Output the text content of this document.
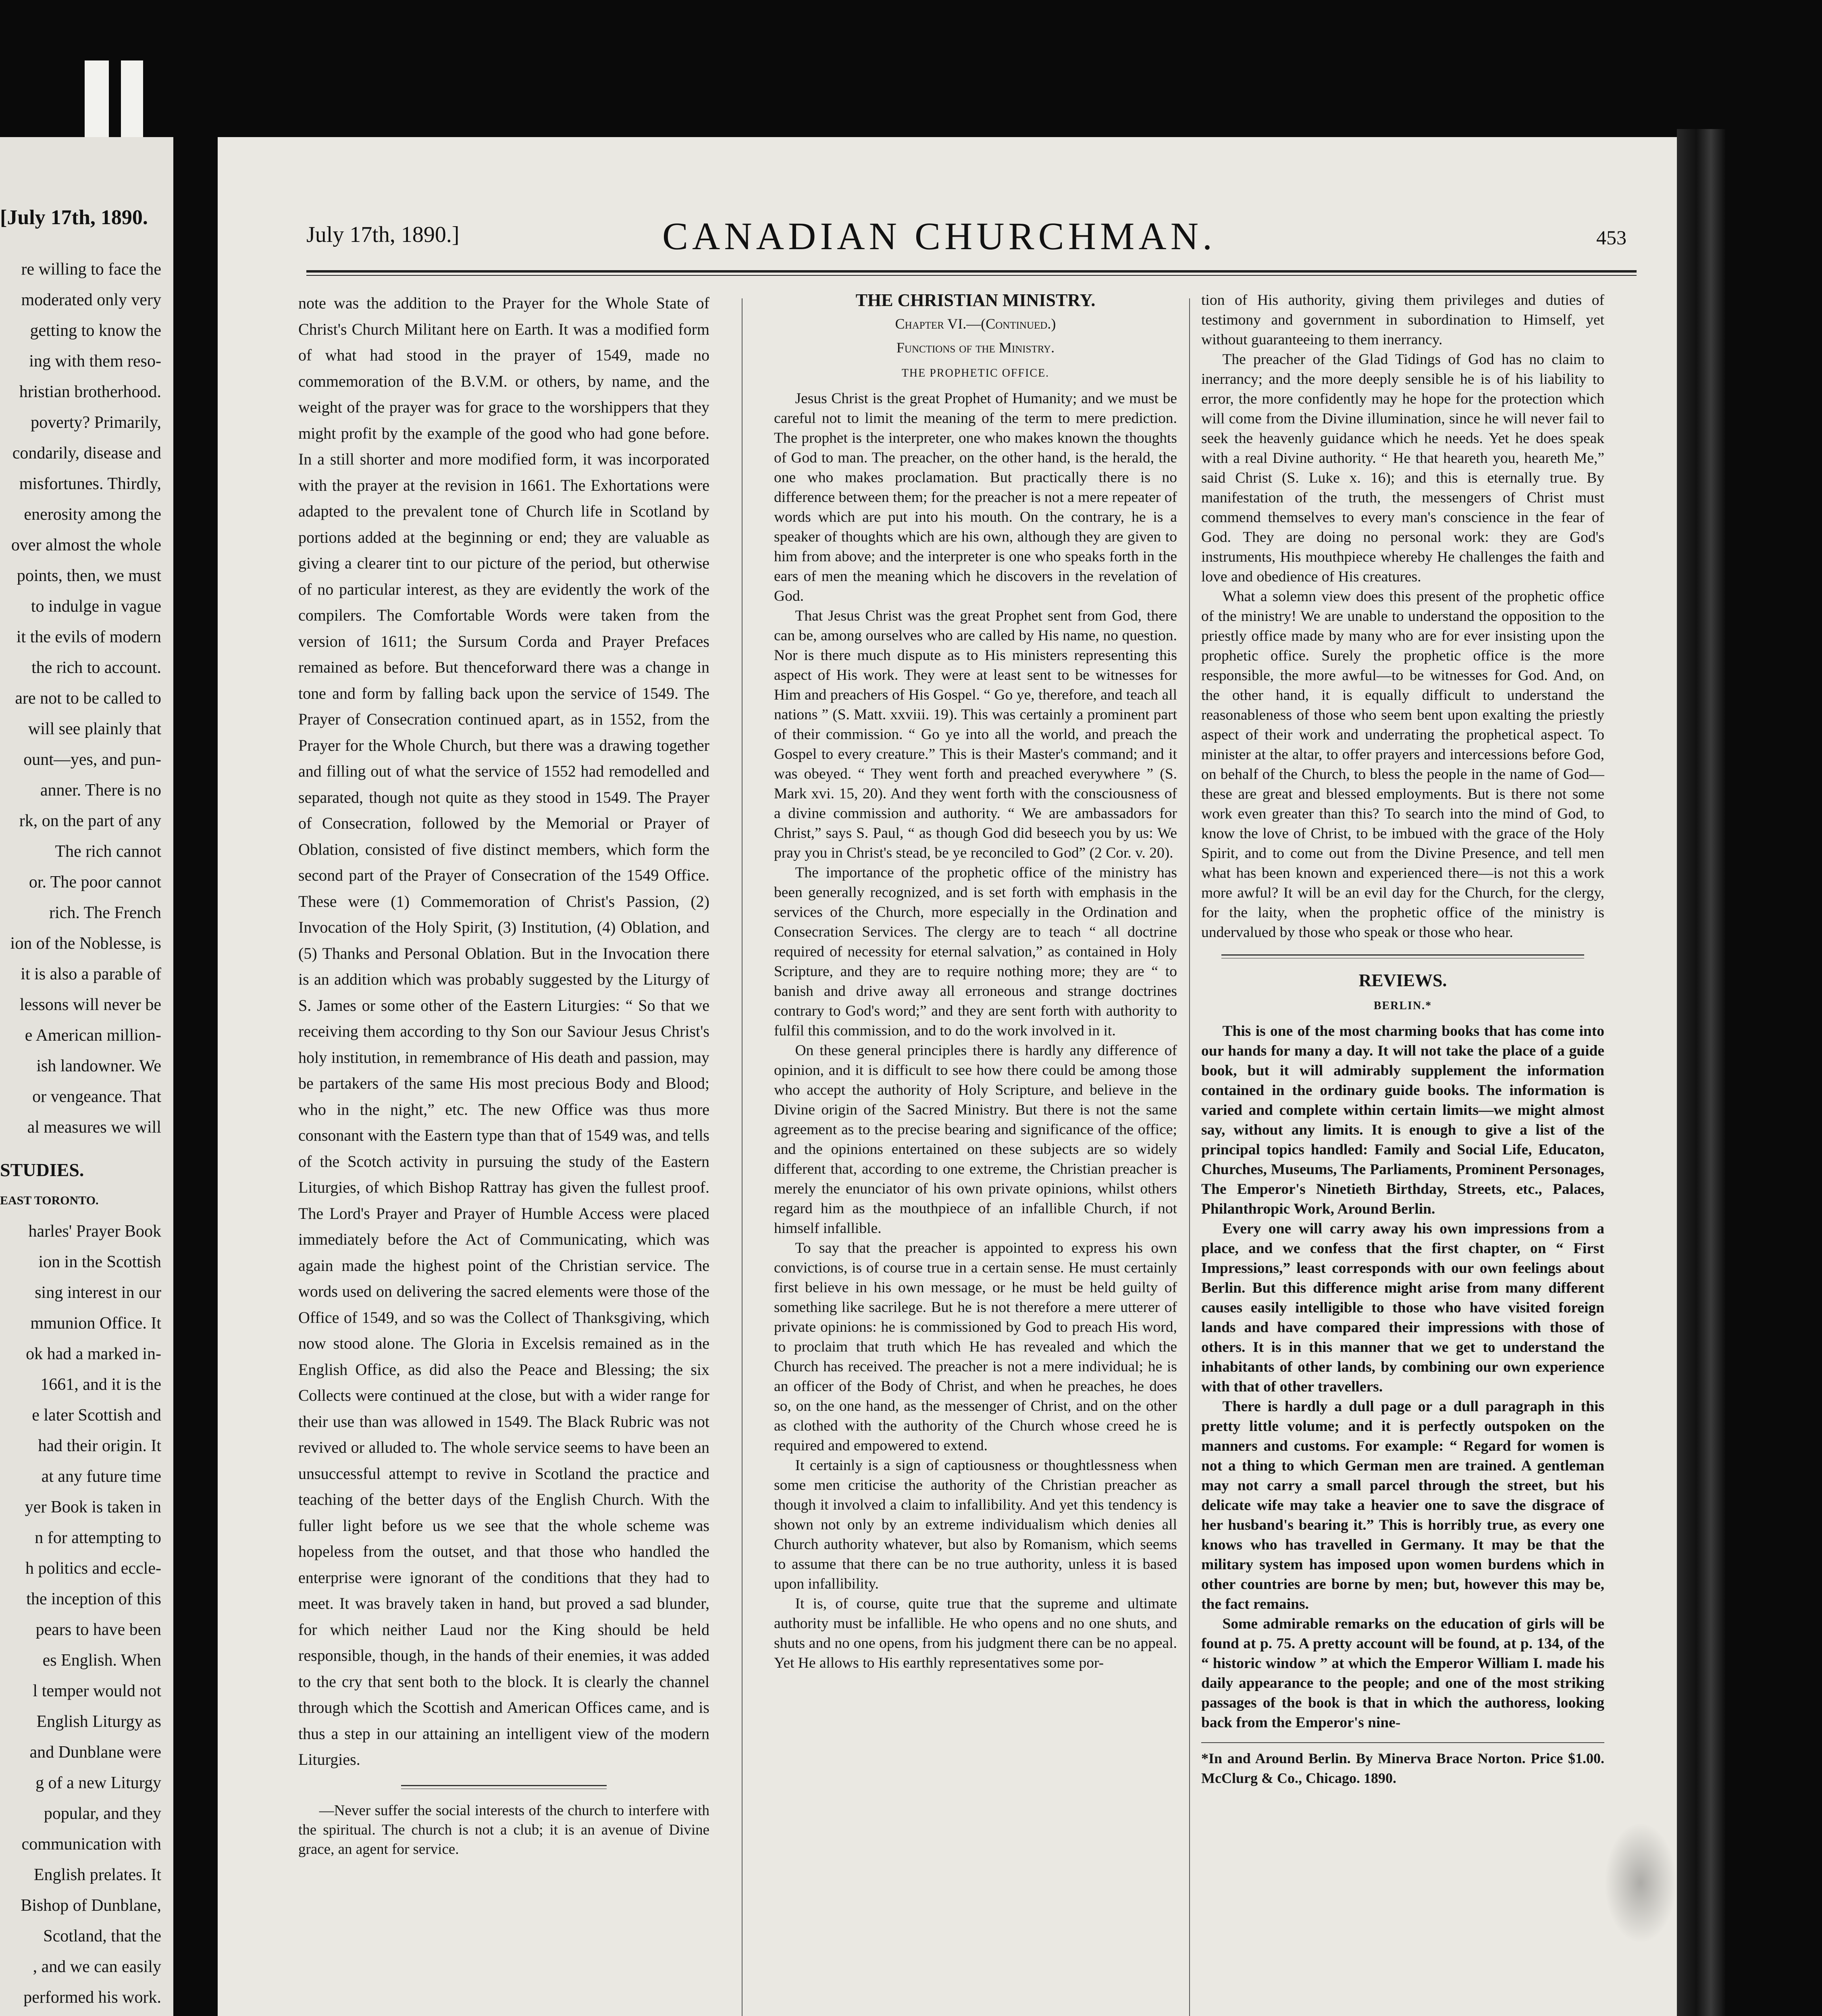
[July 17th, 1890.
re willing to face the
moderated only very
getting to know the
ing with them reso-
hristian brotherhood.
poverty? Primarily,
condarily, disease and
misfortunes. Thirdly,
enerosity among the
over almost the whole
points, then, we must
to indulge in vague
it the evils of modern
the rich to account.
are not to be called to
will see plainly that
ount—yes, and pun-
anner. There is no
rk, on the part of any
The rich cannot
or. The poor cannot
rich. The French
ion of the Noblesse, is
it is also a parable of
lessons will never be
e American million-
ish landowner. We
or vengeance. That
al measures we will
STUDIES.
EAST TORONTO.
harles' Prayer Book
ion in the Scottish
sing interest in our
mmunion Office. It
ok had a marked in-
1661, and it is the
e later Scottish and
had their origin. It
at any future time
yer Book is taken in
n for attempting to
h politics and eccle-
the inception of this
pears to have been
es English. When
l temper would not
English Liturgy as
and Dunblane were
g of a new Liturgy
popular, and they
communication with
English prelates. It
Bishop of Dunblane,
Scotland, that the
, and we can easily
performed his work.
July 17th, 1890.]	CANADIAN CHURCHMAN.	453

note was the addition to the Prayer for the Whole State of Christ's Church Militant here on Earth. It was a modified form of what had stood in the prayer of 1549, made no commemoration of the B.V.M. or others, by name, and the weight of the prayer was for grace to the worshippers that they might profit by the example of the good who had gone before. In a still shorter and more modified form, it was incorporated with the prayer at the revision in 1661. The Exhortations were adapted to the prevalent tone of Church life in Scotland by portions added at the beginning or end; they are valuable as giving a clearer tint to our picture of the period, but otherwise of no particular interest, as they are evidently the work of the compilers. The Comfortable Words were taken from the version of 1611; the Sursum Corda and Prayer Prefaces remained as before. But thenceforward there was a change in tone and form by falling back upon the service of 1549. The Prayer of Consecration continued apart, as in 1552, from the Prayer for the Whole Church, but there was a drawing together and filling out of what the service of 1552 had remodelled and separated, though not quite as they stood in 1549. The Prayer of Consecration, followed by the Memorial or Prayer of Oblation, consisted of five distinct members, which form the second part of the Prayer of Consecration of the 1549 Office. These were (1) Commemoration of Christ's Passion, (2) Invocation of the Holy Spirit, (3) Institution, (4) Oblation, and (5) Thanks and Personal Oblation. But in the Invocation there is an addition which was probably suggested by the Liturgy of S. James or some other of the Eastern Liturgies: “ So that we receiving them according to thy Son our Saviour Jesus Christ's holy institution, in remembrance of His death and passion, may be partakers of the same His most precious Body and Blood; who in the night,” etc. The new Office was thus more consonant with the Eastern type than that of 1549 was, and tells of the Scotch activity in pursuing the study of the Eastern Liturgies, of which Bishop Rattray has given the fullest proof. The Lord's Prayer and Prayer of Humble Access were placed immediately before the Act of Communicating, which was again made the highest point of the Christian service. The words used on delivering the sacred elements were those of the Office of 1549, and so was the Collect of Thanksgiving, which now stood alone. The Gloria in Excelsis remained as in the English Office, as did also the Peace and Blessing; the six Collects were continued at the close, but with a wider range for their use than was allowed in 1549. The Black Rubric was not revived or alluded to. The whole service seems to have been an unsuccessful attempt to revive in Scotland the practice and teaching of the better days of the English Church. With the fuller light before us we see that the whole scheme was hopeless from the outset, and that those who handled the enterprise were ignorant of the conditions that they had to meet. It was bravely taken in hand, but proved a sad blunder, for which neither Laud nor the King should be held responsible, though, in the hands of their enemies, it was added to the cry that sent both to the block. It is clearly the channel through which the Scottish and American Offices came, and is thus a step in our attaining an intelligent view of the modern Liturgies.

—Never suffer the social interests of the church to interfere with the spiritual. The church is not a club; it is an avenue of Divine grace, an agent for service.

THE CHRISTIAN MINISTRY.
Chapter VI.—(Continued.)
Functions of the Ministry.
THE PROPHETIC OFFICE.

Jesus Christ is the great Prophet of Humanity; and we must be careful not to limit the meaning of the term to mere prediction. The prophet is the interpreter, one who makes known the thoughts of God to man. The preacher, on the other hand, is the herald, the one who makes proclamation. But practically there is no difference between them; for the preacher is not a mere repeater of words which are put into his mouth. On the contrary, he is a speaker of thoughts which are his own, although they are given to him from above; and the interpreter is one who speaks forth in the ears of men the meaning which he discovers in the revelation of God.

That Jesus Christ was the great Prophet sent from God, there can be, among ourselves who are called by His name, no question. Nor is there much dispute as to His ministers representing this aspect of His work. They were at least sent to be witnesses for Him and preachers of His Gospel. “ Go ye, therefore, and teach all nations ” (S. Matt. xxviii. 19). This was certainly a prominent part of their commission. “ Go ye into all the world, and preach the Gospel to every creature.” This is their Master's command; and it was obeyed. “ They went forth and preached everywhere ” (S. Mark xvi. 15, 20). And they went forth with the consciousness of a divine commission and authority. “ We are ambassadors for Christ,” says S. Paul, “ as though God did beseech you by us: We pray you in Christ's stead, be ye reconciled to God” (2 Cor. v. 20).

The importance of the prophetic office of the ministry has been generally recognized, and is set forth with emphasis in the services of the Church, more especially in the Ordination and Consecration Services. The clergy are to teach “ all doctrine required of necessity for eternal salvation,” as contained in Holy Scripture, and they are to require nothing more; they are “ to banish and drive away all erroneous and strange doctrines contrary to God's word;” and they are sent forth with authority to fulfil this commission, and to do the work involved in it.

On these general principles there is hardly any difference of opinion, and it is difficult to see how there could be among those who accept the authority of Holy Scripture, and believe in the Divine origin of the Sacred Ministry. But there is not the same agreement as to the precise bearing and significance of the office; and the opinions entertained on these subjects are so widely different that, according to one extreme, the Christian preacher is merely the enunciator of his own private opinions, whilst others regard him as the mouthpiece of an infallible Church, if not himself infallible.

To say that the preacher is appointed to express his own convictions, is of course true in a certain sense. He must certainly first believe in his own message, or he must be held guilty of something like sacrilege. But he is not therefore a mere utterer of private opinions: he is commissioned by God to preach His word, to proclaim that truth which He has revealed and which the Church has received. The preacher is not a mere individual; he is an officer of the Body of Christ, and when he preaches, he does so, on the one hand, as the messenger of Christ, and on the other as clothed with the authority of the Church whose creed he is required and empowered to extend.

It certainly is a sign of captiousness or thoughtlessness when some men criticise the authority of the Christian preacher as though it involved a claim to infallibility. And yet this tendency is shown not only by an extreme individualism which denies all Church authority whatever, but also by Romanism, which seems to assume that there can be no true authority, unless it is based upon infallibility.

It is, of course, quite true that the supreme and ultimate authority must be infallible. He who opens and no one shuts, and shuts and no one opens, from his judgment there can be no appeal. Yet He allows to His earthly representatives some por-

tion of His authority, giving them privileges and duties of testimony and government in subordination to Himself, yet without guaranteeing to them inerrancy.

The preacher of the Glad Tidings of God has no claim to inerrancy; and the more deeply sensible he is of his liability to error, the more confidently may he hope for the protection which will come from the Divine illumination, since he will never fail to seek the heavenly guidance which he needs. Yet he does speak with a real Divine authority. “ He that heareth you, heareth Me,” said Christ (S. Luke x. 16); and this is eternally true. By manifestation of the truth, the messengers of Christ must commend themselves to every man's conscience in the fear of God. They are doing no personal work: they are God's instruments, His mouthpiece whereby He challenges the faith and love and obedience of His creatures.

What a solemn view does this present of the prophetic office of the ministry! We are unable to understand the opposition to the priestly office made by many who are for ever insisting upon the prophetic office. Surely the prophetic office is the more responsible, the more awful—to be witnesses for God. And, on the other hand, it is equally difficult to understand the reasonableness of those who seem bent upon exalting the priestly aspect of their work and underrating the prophetical aspect. To minister at the altar, to offer prayers and intercessions before God, on behalf of the Church, to bless the people in the name of God—these are great and blessed employments. But is there not some work even greater than this? To search into the mind of God, to know the love of Christ, to be imbued with the grace of the Holy Spirit, and to come out from the Divine Presence, and tell men what has been known and experienced there—is not this a work more awful? It will be an evil day for the Church, for the clergy, for the laity, when the prophetic office of the ministry is undervalued by those who speak or those who hear.

REVIEWS.
BERLIN.*

This is one of the most charming books that has come into our hands for many a day. It will not take the place of a guide book, but it will admirably supplement the information contained in the ordinary guide books. The information is varied and complete within certain limits—we might almost say, without any limits. It is enough to give a list of the principal topics handled: Family and Social Life, Educaton, Churches, Museums, The Parliaments, Prominent Personages, The Emperor's Ninetieth Birthday, Streets, etc., Palaces, Philanthropic Work, Around Berlin.

Every one will carry away his own impressions from a place, and we confess that the first chapter, on “ First Impressions,” least corresponds with our own feelings about Berlin. But this difference might arise from many different causes easily intelligible to those who have visited foreign lands and have compared their impressions with those of others. It is in this manner that we get to understand the inhabitants of other lands, by combining our own experience with that of other travellers.

There is hardly a dull page or a dull paragraph in this pretty little volume; and it is perfectly outspoken on the manners and customs. For example: “ Regard for women is not a thing to which German men are trained. A gentleman may not carry a small parcel through the street, but his delicate wife may take a heavier one to save the disgrace of her husband's bearing it.” This is horribly true, as every one knows who has travelled in Germany. It may be that the military system has imposed upon women burdens which in other countries are borne by men; but, however this may be, the fact remains.

Some admirable remarks on the education of girls will be found at p. 75. A pretty account will be found, at p. 134, of the “ historic window ” at which the Emperor William I. made his daily appearance to the people; and one of the most striking passages of the book is that in which the authoress, looking back from the Emperor's nine-

*In and Around Berlin. By Minerva Brace Norton. Price $1.00. McClurg & Co., Chicago. 1890.
